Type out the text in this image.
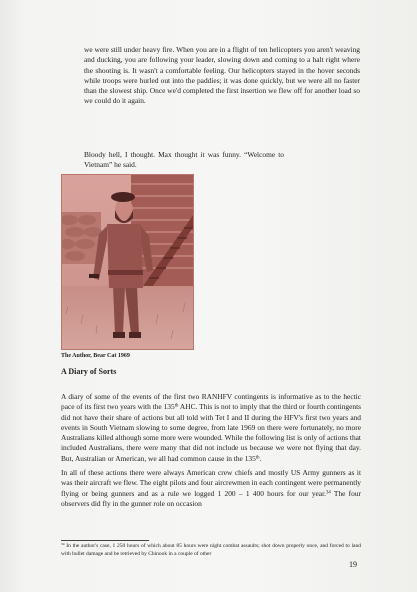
we were still under heavy fire. When you are in a flight of ten helicopters you aren't weaving and ducking, you are following your leader, slowing down and coming to a halt right where the shooting is. It wasn't a comfortable feeling. Our helicopters stayed in the hover seconds while troops were hurled out into the paddies; it was done quickly, but we were all no faster than the slowest ship. Once we'd completed the first insertion we flew off for another load so we could do it again.

Bloody hell, I thought. Max thought it was funny. “Welcome to Vietnam” he said.

The Author, Bear Cat 1969

A Diary of Sorts

A diary of some of the events of the first two RANHFV contingents is informative as to the hectic pace of its first two years with the 135th AHC. This is not to imply that the third or fourth contingents did not have their share of actions but all told with Tet I and II during the HFV's first two years and events in South Vietnam slowing to some degree, from late 1969 on there were fortunately, no more Australians killed although some more were wounded. While the following list is only of actions that included Australians, there were many that did not include us because we were not flying that day. But, Australian or American, we all had common cause in the 135th.

In all of these actions there were always American crew chiefs and mostly US Army gunners as it was their aircraft we flew. The eight pilots and four aircrewmen in each contingent were permanently flying or being gunners and as a rule we logged 1 200 – 1 400 hours for our year.$^{34}$ The four observers did fly in the gunner role on occasion

$^{34}$ In the author's case, 1 250 hours of which about 85 hours were night combat assaults; shot down properly once, and forced to land with bullet damage and be retrieved by Chinook in a couple of other

19
